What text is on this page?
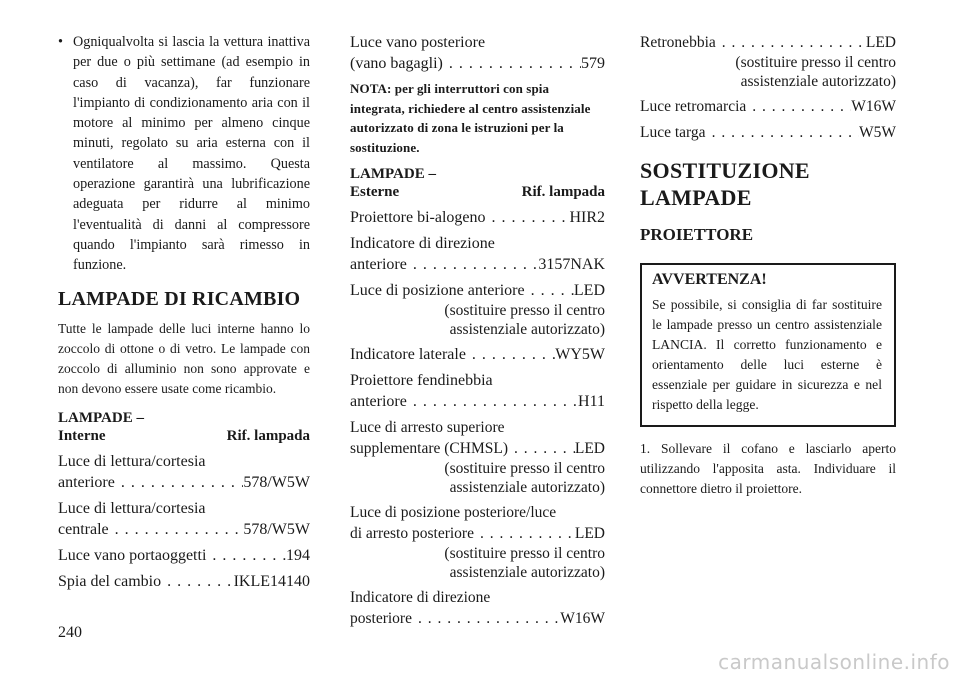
• Ogniqualvolta si lascia la vettura inattiva per due o più settimane (ad esempio in caso di vacanza), far funzionare l'impianto di condizionamento aria con il motore al minimo per almeno cinque minuti, regolato su aria esterna con il ventilatore al massimo. Questa operazione garantirà una lubrificazione adeguata per ridurre al minimo l'eventualità di danni al compressore quando l'impianto sarà rimesso in funzione.
LAMPADE DI RICAMBIO
Tutte le lampade delle luci interne hanno lo zoccolo di ottone o di vetro. Le lampade con zoccolo di alluminio non sono approvate e non devono essere usate come ricambio.
LAMPADE –
Interne	Rif. lampada
Luce di lettura/cortesia
anteriore . . .	578/W5W
Luce di lettura/cortesia
centrale . . .	578/W5W
Luce vano portaoggetti . . .	194
Spia del cambio . . .	IKLE14140
Luce vano posteriore
(vano bagagli) . . .	579
NOTA: per gli interruttori con spia integrata, richiedere al centro assistenziale autorizzato di zona le istruzioni per la sostituzione.
LAMPADE –
Esterne	Rif. lampada
Proiettore bi-alogeno . . .	HIR2
Indicatore di direzione
anteriore . . .	3157NAK
Luce di posizione anteriore . . .	LED
(sostituire presso il centro
assistenziale autorizzato)
Indicatore laterale . . .	WY5W
Proiettore fendinebbia
anteriore . . .	H11
Luce di arresto superiore
supplementare (CHMSL) . . .	LED
(sostituire presso il centro
assistenziale autorizzato)
Luce di posizione posteriore/luce
di arresto posteriore . . .	LED
(sostituire presso il centro
assistenziale autorizzato)
Indicatore di direzione
posteriore . . .	W16W
Retronebbia . . .	LED
(sostituire presso il centro
assistenziale autorizzato)
Luce retromarcia . . .	W16W
Luce targa . . .	W5W
SOSTITUZIONE
LAMPADE
PROIETTORE
AVVERTENZA!
Se possibile, si consiglia di far sostituire le lampade presso un centro assistenziale LANCIA. Il corretto funzionamento e orientamento delle luci esterne è essenziale per guidare in sicurezza e nel rispetto della legge.
1. Sollevare il cofano e lasciarlo aperto utilizzando l'apposita asta. Individuare il connettore dietro il proiettore.
240
carmanualsonline.info
